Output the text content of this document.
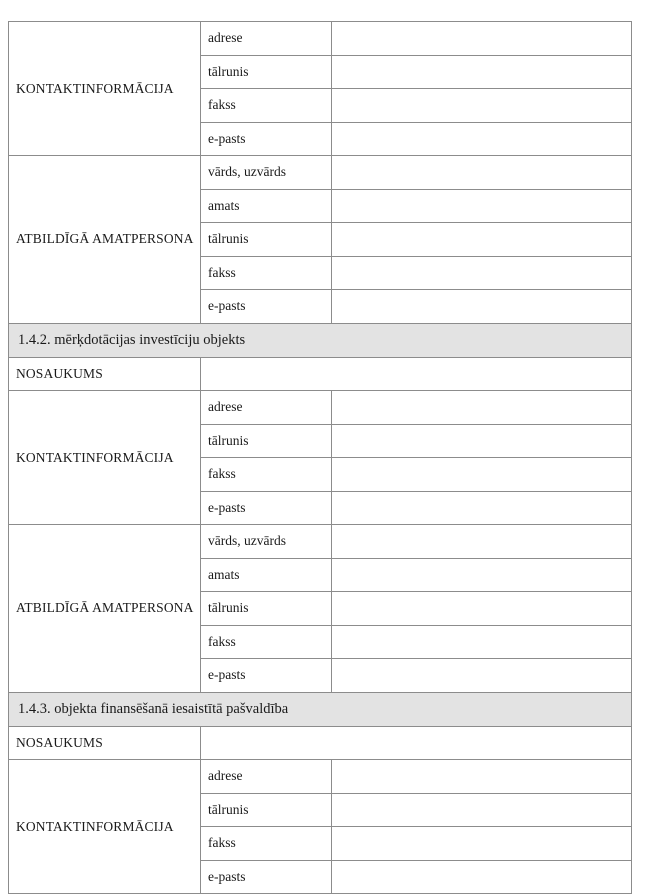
KONTAKTINFORMĀCIJA	adrese	
	tālrunis	
	fakss	
	e-pasts	
ATBILDĪGĀ AMATPERSONA	vārds, uzvārds	
	amats	
	tālrunis	
	fakss	
	e-pasts	
1.4.2. mērķdotācijas investīciju objekts		
NOSAUKUMS		
KONTAKTINFORMĀCIJA	adrese	
	tālrunis	
	fakss	
	e-pasts	
ATBILDĪGĀ AMATPERSONA	vārds, uzvārds	
	amats	
	tālrunis	
	fakss	
	e-pasts	
1.4.3. objekta finansēšanā iesaistītā pašvaldība		
NOSAUKUMS		
KONTAKTINFORMĀCIJA	adrese	
	tālrunis	
	fakss	
	e-pasts	
